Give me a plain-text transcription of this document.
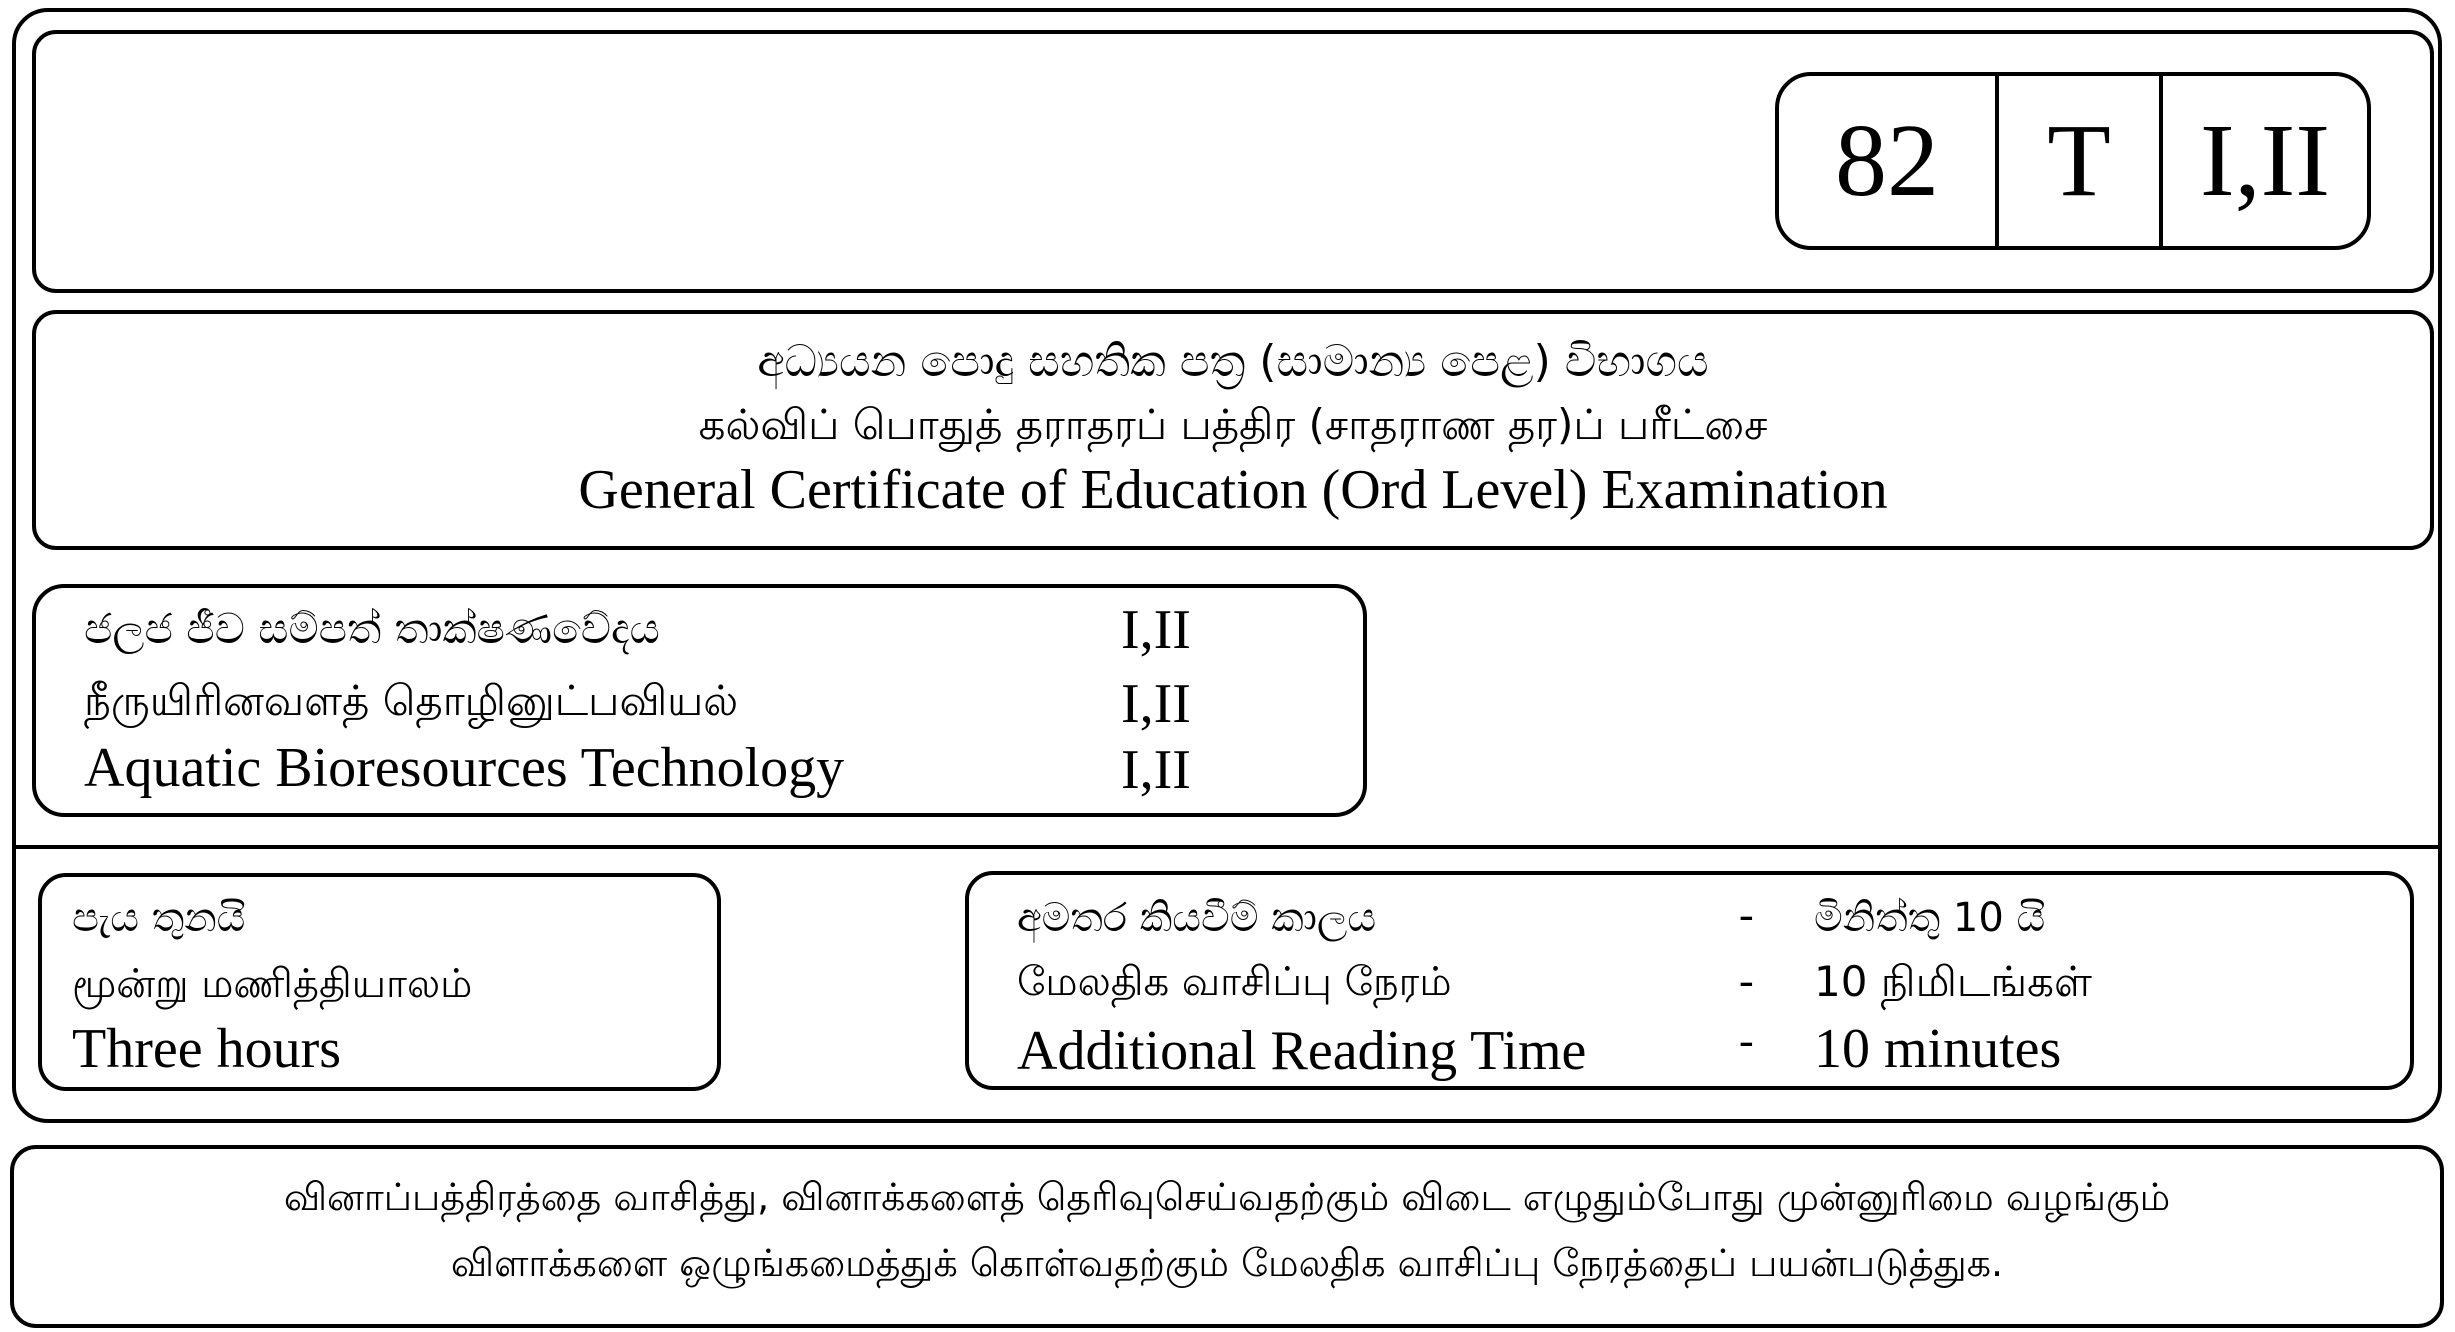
82	T I,II
අධ්‍යයන පොදු සහතික පත්‍ර (සාමාන්‍ය පෙළ) විභාගය
கல்விப் பொதுத் தராதரப் பத்திர (சாதராண தர)ப் பரீட்சை
General Certificate of Education (Ord Level) Examination
ජලජ ජීව සම්පත් තාක්ෂණවේදය	I,II
நீருயிரினவளத் தொழினுட்பவியல்	I,II
Aquatic Bioresources Technology	I,II
පැය තුනයි
மூன்று மணித்தியாலம்
Three hours
අමතර කියවීම් කාලය	- මිනිත්තු 10 යි
மேலதிக வாசிப்பு நேரம்	- 10 நிமிடங்கள்
Additional Reading Time	- 10 minutes
வினாப்பத்திரத்தை வாசித்து, வினாக்களைத் தெரிவுசெய்வதற்கும் விடை எழுதும்போது முன்னுரிமை வழங்கும்
விளாக்களை ஒழுங்கமைத்துக் கொள்வதற்கும் மேலதிக வாசிப்பு நேரத்தைப் பயன்படுத்துக.
